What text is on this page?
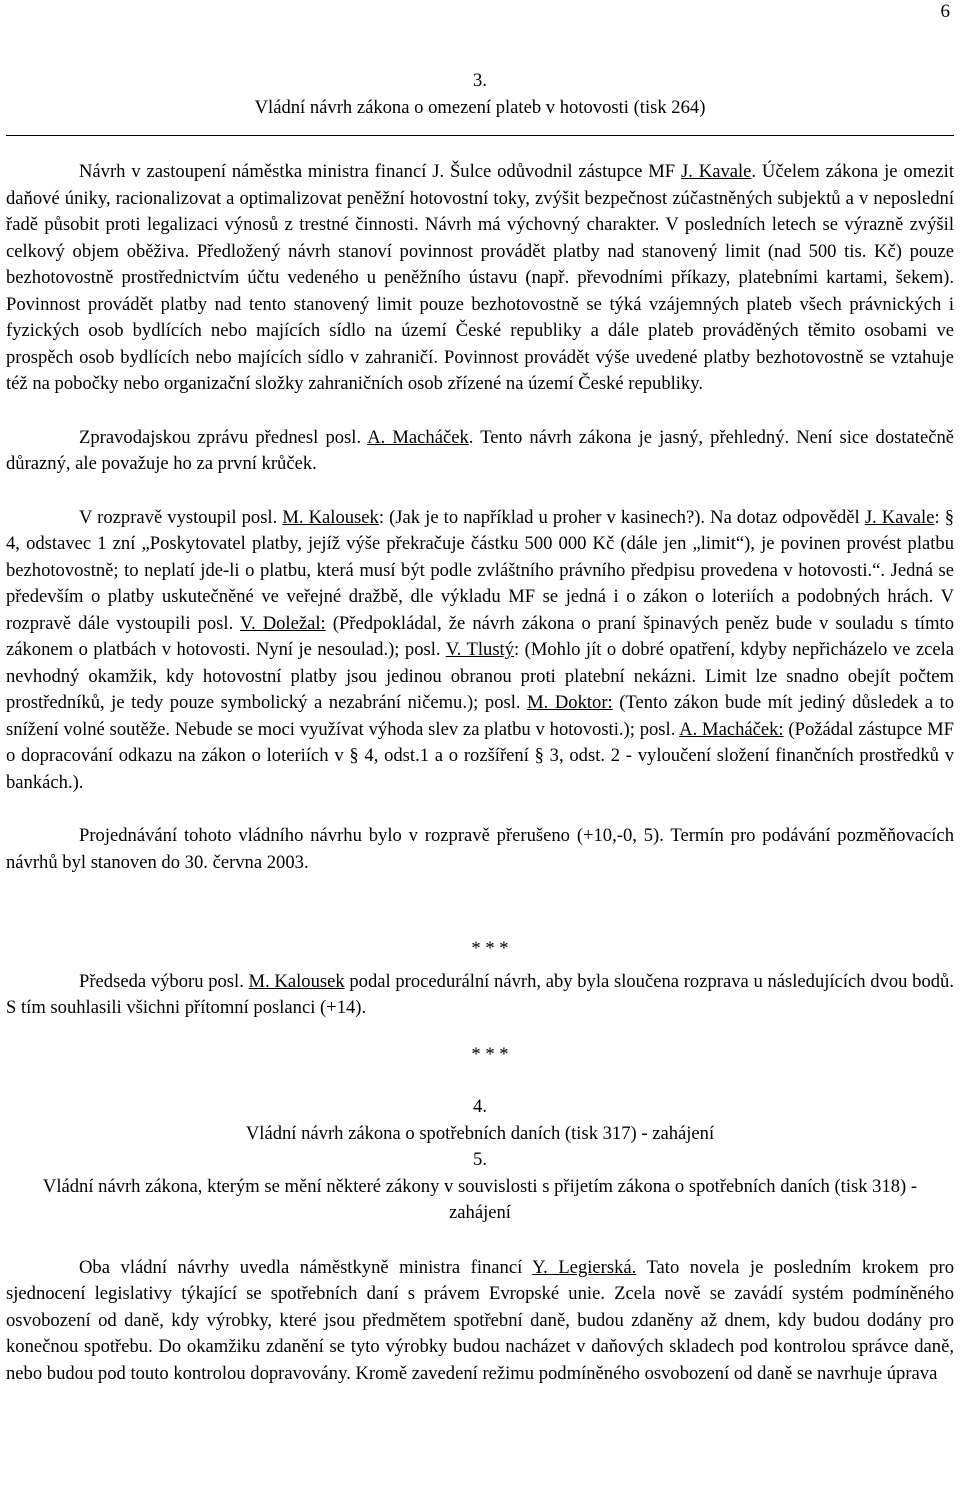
6

3.

Vládní návrh zákona o omezení plateb v hotovosti (tisk 264)

Návrh v zastoupení náměstka ministra financí J. Šulce odůvodnil zástupce MF J. Kavale. Účelem zákona je omezit daňové úniky, racionalizovat a optimalizovat peněžní hotovostní toky, zvýšit bezpečnost zúčastněných subjektů a v neposlední řadě působit proti legalizaci výnosů z trestné činnosti. Návrh má výchovný charakter. V posledních letech se výrazně zvýšil celkový objem oběživa. Předložený návrh stanoví povinnost provádět platby nad stanovený limit (nad 500 tis. Kč) pouze bezhotovostně prostřednictvím účtu vedeného u peněžního ústavu (např. převodními příkazy, platebními kartami, šekem). Povinnost provádět platby nad tento stanovený limit pouze bezhotovostně se týká vzájemných plateb všech právnických i fyzických osob bydlících nebo majících sídlo na území České republiky a dále plateb prováděných těmito osobami ve prospěch osob bydlících nebo majících sídlo v zahraničí. Povinnost provádět výše uvedené platby bezhotovostně se vztahuje též na pobočky nebo organizační složky zahraničních osob zřízené na území České republiky.

Zpravodajskou zprávu přednesl posl. A. Macháček. Tento návrh zákona je jasný, přehledný. Není sice dostatečně důrazný, ale považuje ho za první krůček.

V rozpravě vystoupil posl. M. Kalousek: (Jak je to například u proher v kasinech?). Na dotaz odpověděl J. Kavale: § 4, odstavec 1 zní „Poskytovatel platby, jejíž výše překračuje částku 500 000 Kč (dále jen „limit“), je povinen provést platbu bezhotovostně; to neplatí jde-li o platbu, která musí být podle zvláštního právního předpisu provedena v hotovosti.“. Jedná se především o platby uskutečněné ve veřejné dražbě, dle výkladu MF se jedná i o zákon o loteriích a podobných hrách. V rozpravě dále vystoupili posl. V. Doležal: (Předpokládal, že návrh zákona o praní špinavých peněz bude v souladu s tímto zákonem o platbách v hotovosti. Nyní je nesoulad.); posl. V. Tlustý: (Mohlo jít o dobré opatření, kdyby nepřicházelo ve zcela nevhodný okamžik, kdy hotovostní platby jsou jedinou obranou proti platební nekázni. Limit lze snadno obejít počtem prostředníků, je tedy pouze symbolický a nezabrání ničemu.); posl. M. Doktor: (Tento zákon bude mít jediný důsledek a to snížení volné soutěže. Nebude se moci využívat výhoda slev za platbu v hotovosti.); posl. A. Macháček: (Požádal zástupce MF o dopracování odkazu na zákon o loteriích v § 4, odst.1 a o rozšíření § 3, odst. 2 - vyloučení složení finančních prostředků v bankách.).

Projednávání tohoto vládního návrhu bylo v rozpravě přerušeno (+10,-0, 5). Termín pro podávání pozměňovacích návrhů byl stanoven do 30. června 2003.

* * *

Předseda výboru posl. M. Kalousek podal procedurální návrh, aby byla sloučena rozprava u následujících dvou bodů. S tím souhlasili všichni přítomní poslanci (+14).

* * *

4.

Vládní návrh zákona o spotřebních daních (tisk 317) - zahájení

5.

Vládní návrh zákona, kterým se mění některé zákony v souvislosti s přijetím zákona o spotřebních daních (tisk 318) - zahájení

Oba vládní návrhy uvedla náměstkyně ministra financí Y. Legierská. Tato novela je posledním krokem pro sjednocení legislativy týkající se spotřebních daní s právem Evropské unie. Zcela nově se zavádí systém podmíněného osvobození od daně, kdy výrobky, které jsou předmětem spotřební daně, budou zdaněny až dnem, kdy budou dodány pro konečnou spotřebu. Do okamžiku zdanění se tyto výrobky budou nacházet v daňových skladech pod kontrolou správce daně, nebo budou pod touto kontrolou dopravovány. Kromě zavedení režimu podmíněného osvobození od daně se navrhuje úprava
